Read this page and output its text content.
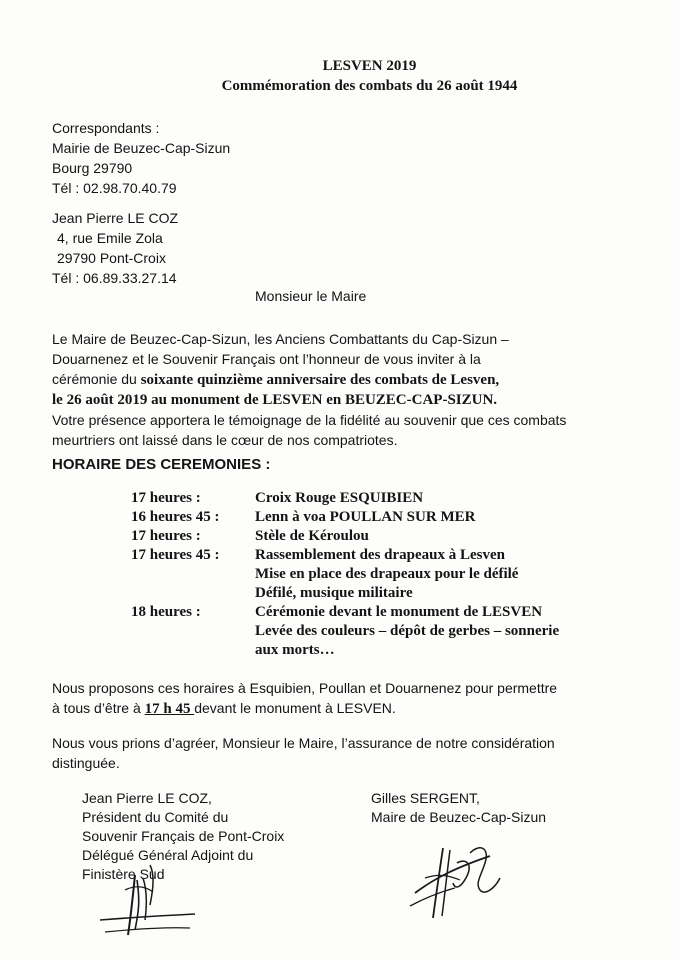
LESVEN 2019
Commémoration des combats du 26 août 1944
Correspondants :
Mairie de Beuzec-Cap-Sizun
Bourg 29790
Tél : 02.98.70.40.79
Jean Pierre LE COZ
4, rue Emile Zola
29790 Pont-Croix
Tél : 06.89.33.27.14
Monsieur le Maire
Le Maire de Beuzec-Cap-Sizun, les Anciens Combattants du Cap-Sizun –
Douarnenez et le Souvenir Français ont l’honneur de vous inviter à la
cérémonie du soixante quinzième anniversaire des combats de Lesven,
le 26 août 2019 au monument de LESVEN en BEUZEC-CAP-SIZUN.
Votre présence apportera le témoignage de la fidélité au souvenir que ces combats
meurtriers ont laissé dans le cœur de nos compatriotes.
HORAIRE DES CEREMONIES :
17 heures :	Croix Rouge ESQUIBIEN
16 heures 45 : Lenn à voa POULLAN SUR MER
17 heures :	Stèle de Kéroulou
17 heures 45 : Rassemblement des drapeaux à Lesven
Mise en place des drapeaux pour le défilé
Défilé, musique militaire
18 heures :	Cérémonie devant le monument de LESVEN
Levée des couleurs – dépôt de gerbes – sonnerie
aux morts…
Nous proposons ces horaires à Esquibien, Poullan et Douarnenez pour permettre
à tous d’être à 17 h 45 devant le monument à LESVEN.
Nous vous prions d’agréer, Monsieur le Maire, l’assurance de notre considération
distinguée.
Jean Pierre LE COZ,
Président du Comité du
Souvenir Français de Pont-Croix
Délégué Général Adjoint du
Finistère Sud
Gilles SERGENT,
Maire de Beuzec-Cap-Sizun
